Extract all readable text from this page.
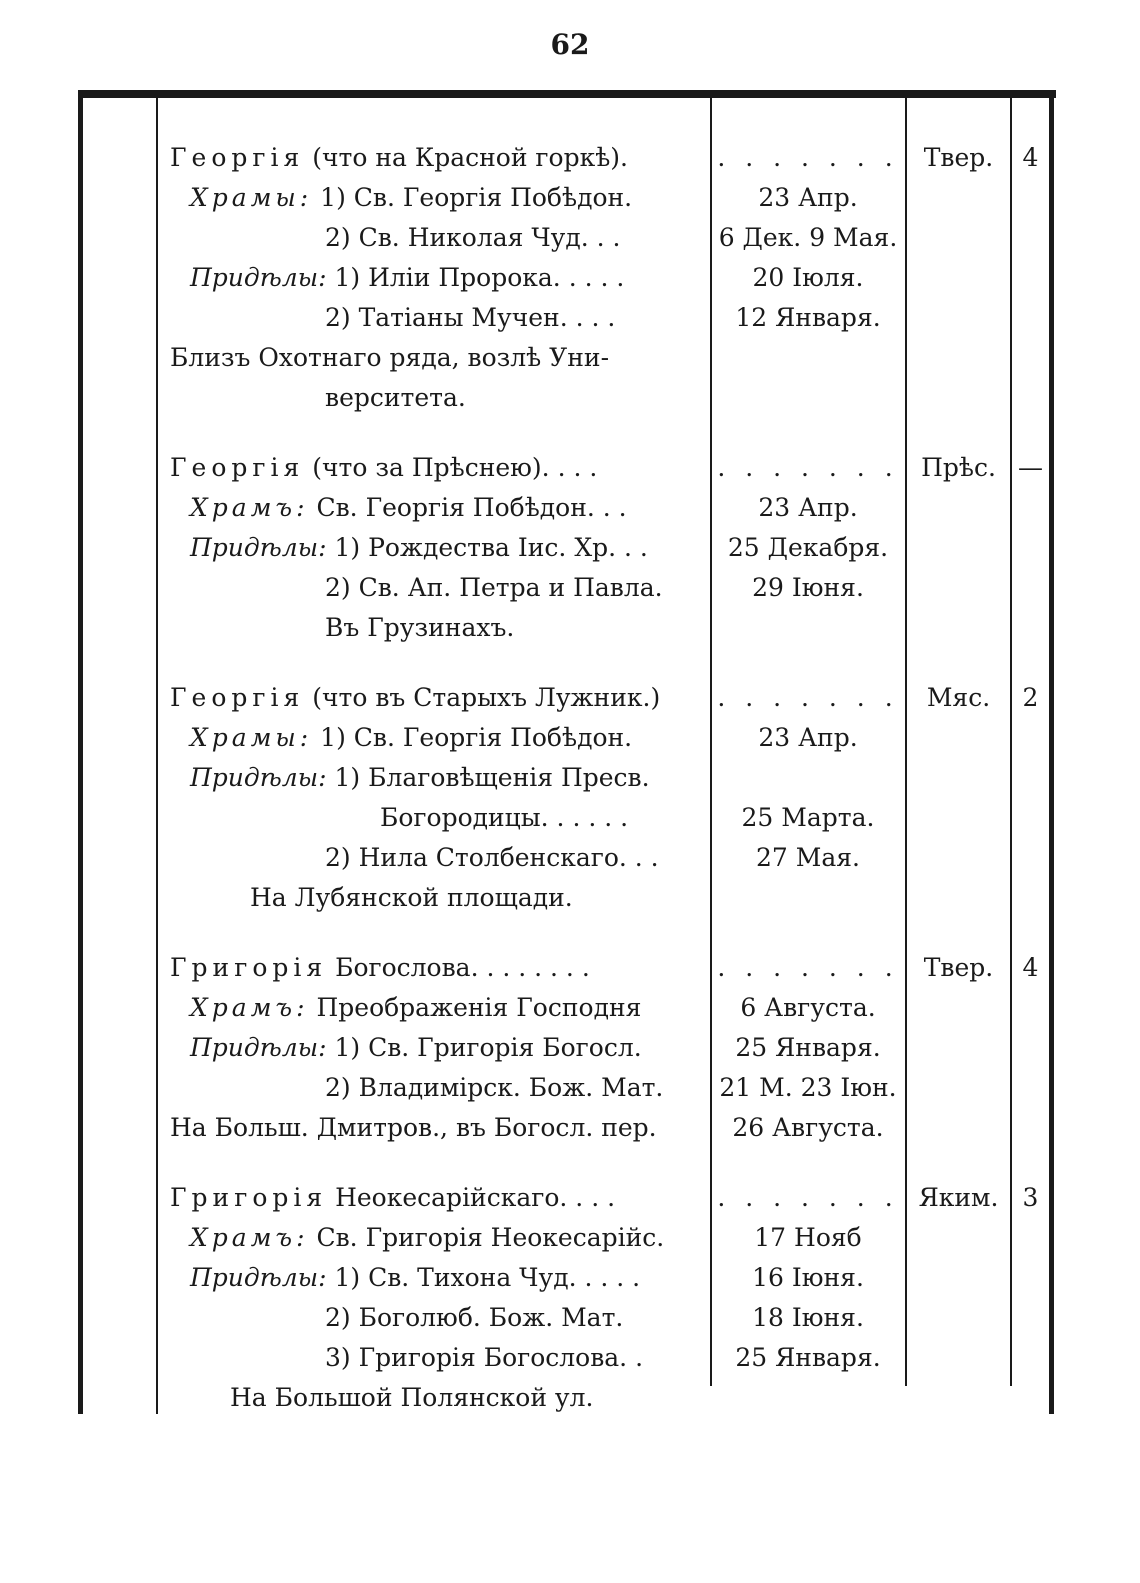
62
Георгія (что на Красной горкѣ).
Храмы: 1) Св. Георгія Побѣдон.
2) Св. Николая Чуд. . .
Придѣлы: 1) Иліи Пророка. . . . .
2) Татіаны Мучен. . . .
Близъ Охотнаго ряда, возлѣ Уни-
верситета.
Георгія (что за Прѣснею). . . .
Храмъ: Св. Георгія Побѣдон. . .
Придѣлы: 1) Рождества Іис. Хр. . .
2) Св. Ап. Петра и Павла.
Въ Грузинахъ.
Георгія (что въ Старыхъ Лужник.)
Храмы: 1) Св. Георгія Побѣдон.
Придѣлы: 1) Благовѣщенія Пресв.
Богородицы. . . . . .
2) Нила Столбенскаго. . .
На Лубянской площади.
Григорія Богослова. . . . . . . .
Храмъ: Преображенія Господня
Придѣлы: 1) Св. Григорія Богосл.
2) Владимірск. Бож. Мат.
На Больш. Дмитров., въ Богосл. пер.
Григорія Неокесарійскаго. . . .
Храмъ: Св. Григорія Неокесарійс.
Придѣлы: 1) Св. Тихона Чуд. . . . .
2) Боголюб. Бож. Мат.
3) Григорія Богослова. .
На Большой Полянской ул.
. . . . . . .
23 Апр.
6 Дек. 9 Мая.
20 Іюля.
12 Января.
. . . . . . .
23 Апр.
25 Декабря.
29 Іюня.
. . . . . . .
23 Апр.
25 Марта.
27 Мая.
. . . . . . .
6 Августа.
25 Января.
21 М. 23 Іюн.
26 Августа.
. . . . . . .
17 Нояб
16 Іюня.
18 Іюня.
25 Января.
Твер.
Прѣс.
Мяс.
Твер.
Яким.
4
—
2
4
3
